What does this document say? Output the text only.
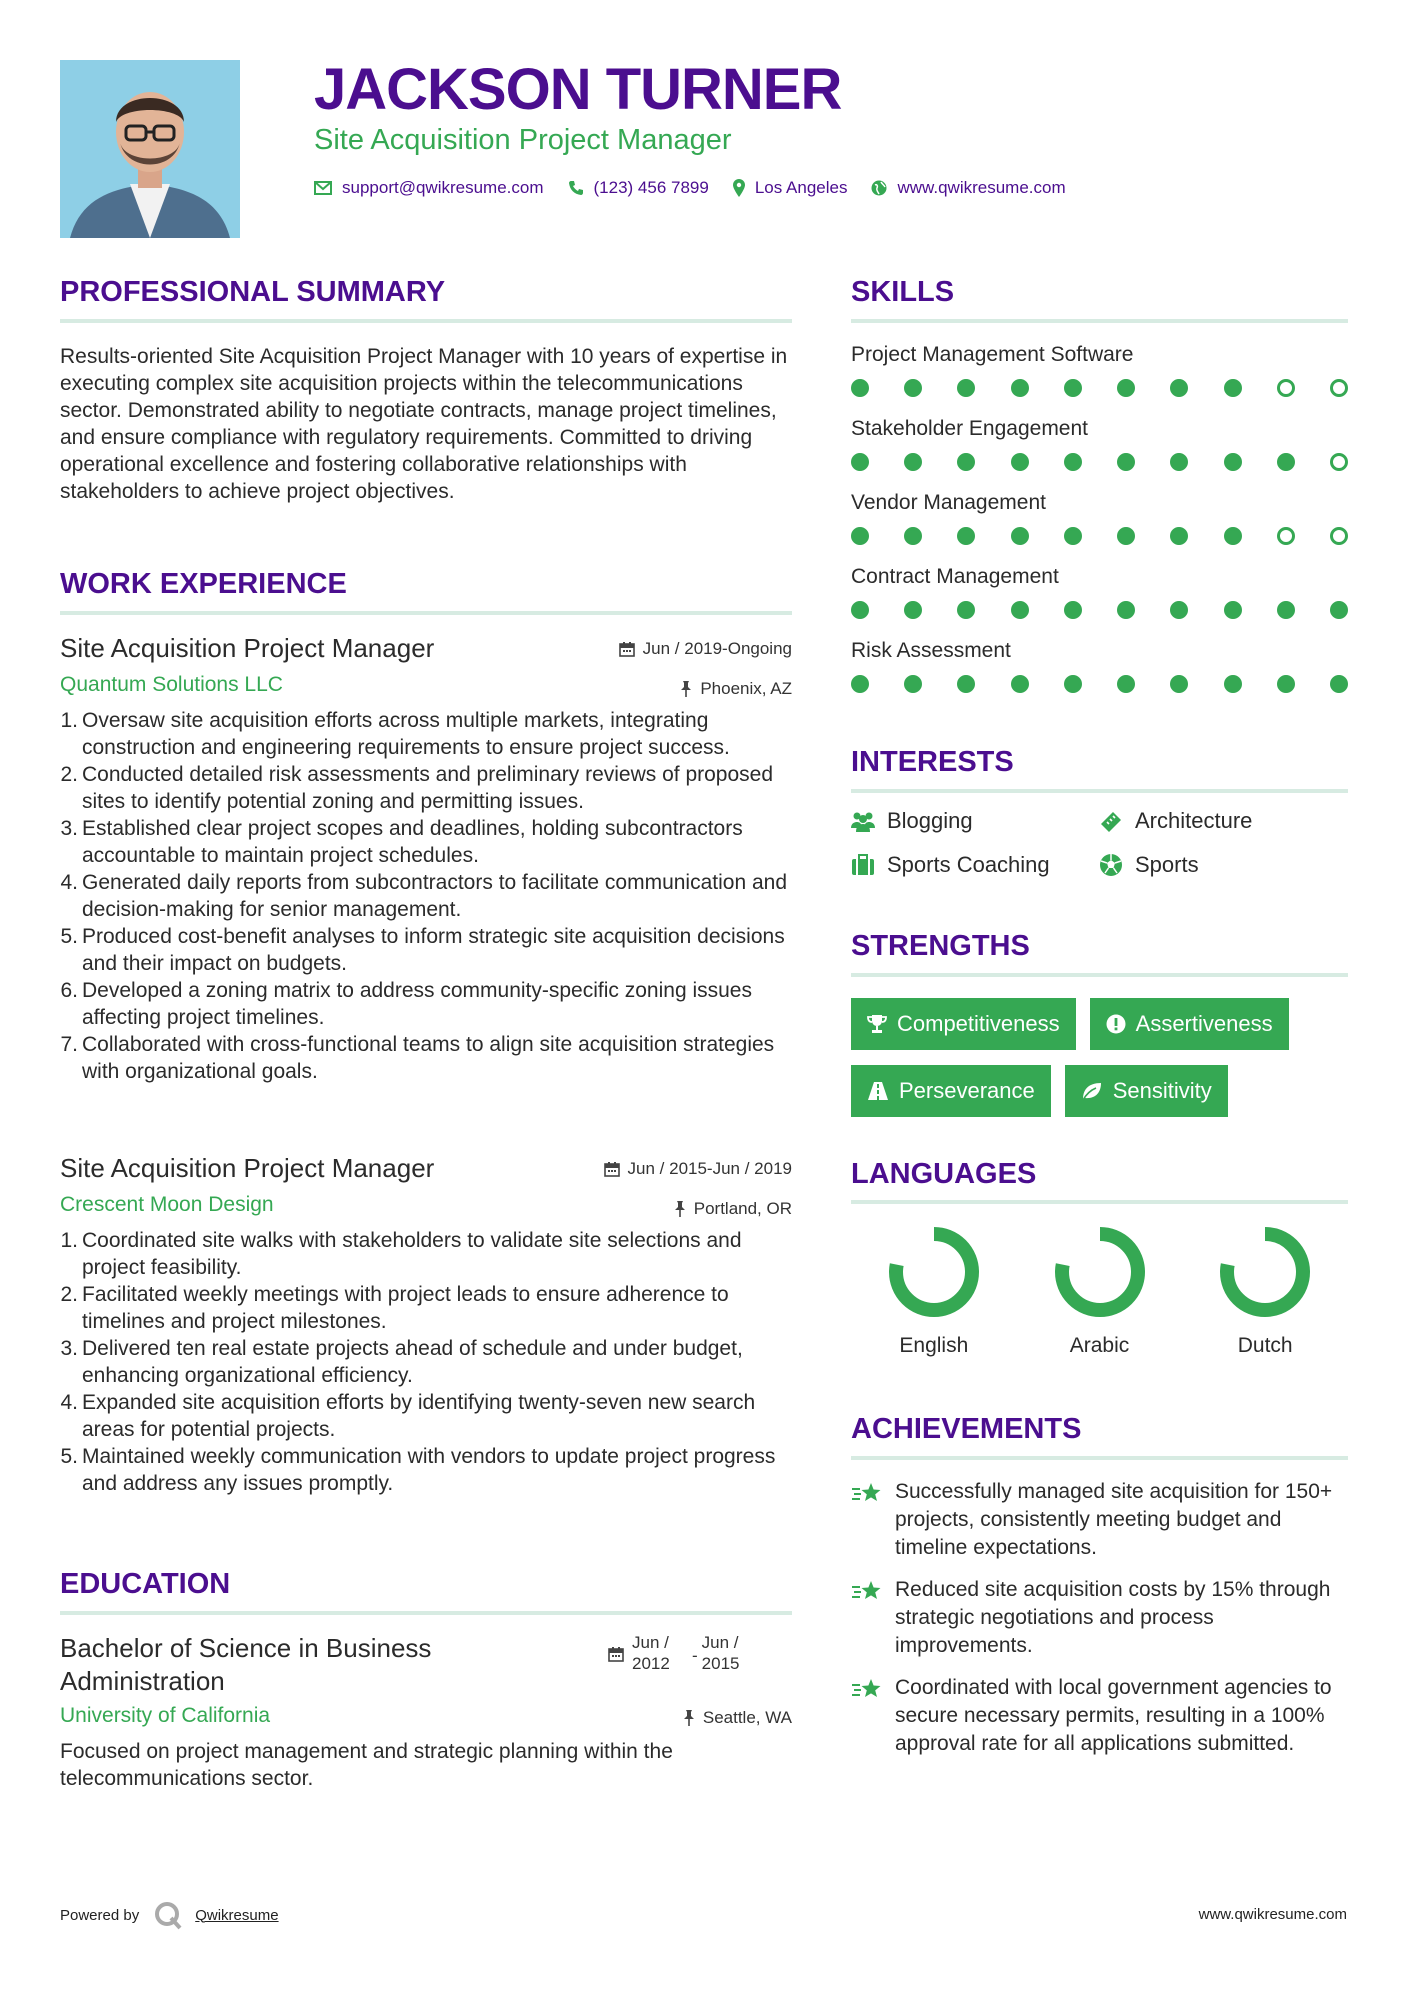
JACKSON TURNER
Site Acquisition Project Manager
support@qwikresume.com	(123) 456 7899	Los Angeles	www.qwikresume.com
PROFESSIONAL SUMMARY
Results-oriented Site Acquisition Project Manager with 10 years of expertise in executing complex site acquisition projects within the telecommunications sector. Demonstrated ability to negotiate contracts, manage project timelines, and ensure compliance with regulatory requirements. Committed to driving operational excellence and fostering collaborative relationships with stakeholders to achieve project objectives.
WORK EXPERIENCE
Site Acquisition Project Manager	Jun / 2019-Ongoing
Quantum Solutions LLC	Phoenix, AZ
1. Oversaw site acquisition efforts across multiple markets, integrating construction and engineering requirements to ensure project success.
2. Conducted detailed risk assessments and preliminary reviews of proposed sites to identify potential zoning and permitting issues.
3. Established clear project scopes and deadlines, holding subcontractors accountable to maintain project schedules.
4. Generated daily reports from subcontractors to facilitate communication and decision-making for senior management.
5. Produced cost-benefit analyses to inform strategic site acquisition decisions and their impact on budgets.
6. Developed a zoning matrix to address community-specific zoning issues affecting project timelines.
7. Collaborated with cross-functional teams to align site acquisition strategies with organizational goals.
Site Acquisition Project Manager	Jun / 2015-Jun / 2019
Crescent Moon Design	Portland, OR
1. Coordinated site walks with stakeholders to validate site selections and project feasibility.
2. Facilitated weekly meetings with project leads to ensure adherence to timelines and project milestones.
3. Delivered ten real estate projects ahead of schedule and under budget, enhancing organizational efficiency.
4. Expanded site acquisition efforts by identifying twenty-seven new search areas for potential projects.
5. Maintained weekly communication with vendors to update project progress and address any issues promptly.
EDUCATION
Bachelor of Science in Business Administration
Jun / 2012	-
Jun / 2015
University of California	Seattle, WA
Focused on project management and strategic planning within the telecommunications sector.
SKILLS
Project Management Software
Stakeholder Engagement
Vendor Management
Contract Management
Risk Assessment
INTERESTS
Blogging	Architecture
Sports Coaching	Sports
STRENGTHS
Competitiveness	Assertiveness
Perseverance	Sensitivity
LANGUAGES
English	Arabic	Dutch
ACHIEVEMENTS
Successfully managed site acquisition for 150+ projects, consistently meeting budget and timeline expectations.
Reduced site acquisition costs by 15% through strategic negotiations and process improvements.
Coordinated with local government agencies to secure necessary permits, resulting in a 100% approval rate for all applications submitted.
Powered by	Qwikresume	www.qwikresume.com
